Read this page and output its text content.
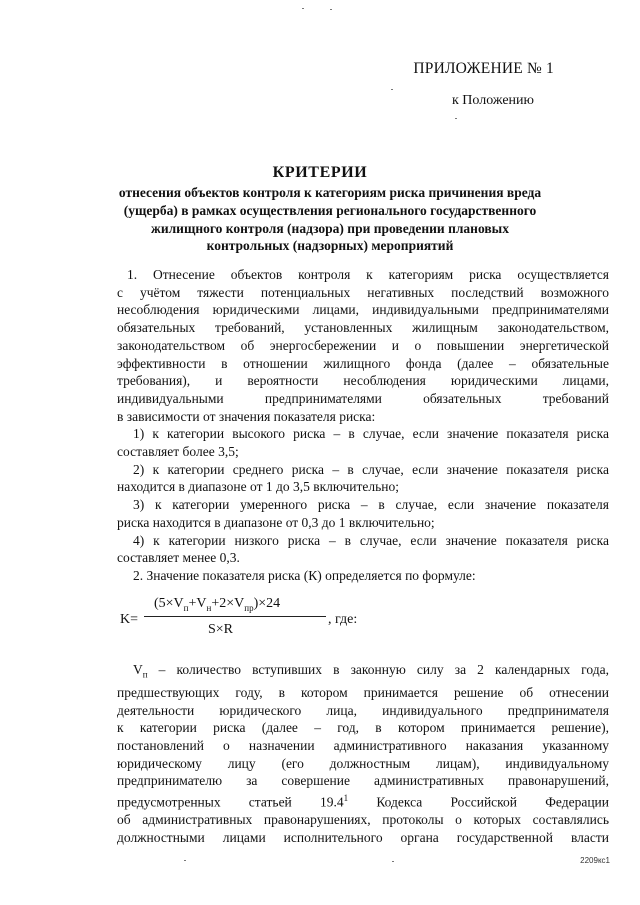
ПРИЛОЖЕНИЕ № 1
к Положению
КРИТЕРИИ
отнесения объектов контроля к категориям риска причинения вреда
(ущерба) в рамках осуществления регионального государственного
жилищного контроля (надзора) при проведении плановых
контрольных (надзорных) мероприятий
1. Отнесение объектов контроля к категориям риска осуществляется
с учётом тяжести потенциальных негативных последствий возможного
несоблюдения юридическими лицами, индивидуальными предпринимателями
обязательных требований, установленных жилищным законодательством,
законодательством об энергосбережении и о повышении энергетической
эффективности в отношении жилищного фонда (далее – обязательные
требования), и вероятности несоблюдения юридическими лицами,
индивидуальными предпринимателями обязательных требований
в зависимости от значения показателя риска:
1) к категории высокого риска – в случае, если значение показателя риска
составляет более 3,5;
2) к категории среднего риска – в случае, если значение показателя риска
находится в диапазоне от 1 до 3,5 включительно;
3) к категории умеренного риска – в случае, если значение показателя
риска находится в диапазоне от 0,3 до 1 включительно;
4) к категории низкого риска – в случае, если значение показателя риска
составляет менее 0,3.
2. Значение показателя риска (К) определяется по формуле:
K=
$(5\times V_п+V_н+2\times V_{пр})\times 24$
S×R
, где:
$V_п$ – количество вступивших в законную силу за 2 календарных года,
предшествующих году, в котором принимается решение об отнесении
деятельности юридического лица, индивидуального предпринимателя
к категории риска (далее – год, в котором принимается решение),
постановлений о назначении административного наказания указанному
юридическому лицу (его должностным лицам), индивидуальному
предпринимателю за совершение административных правонарушений,
предусмотренных статьей 19.4$^1$ Кодекса Российской Федерации
об административных правонарушениях, протоколы о которых составлялись
должностными лицами исполнительного органа государственной власти
2209кс1
